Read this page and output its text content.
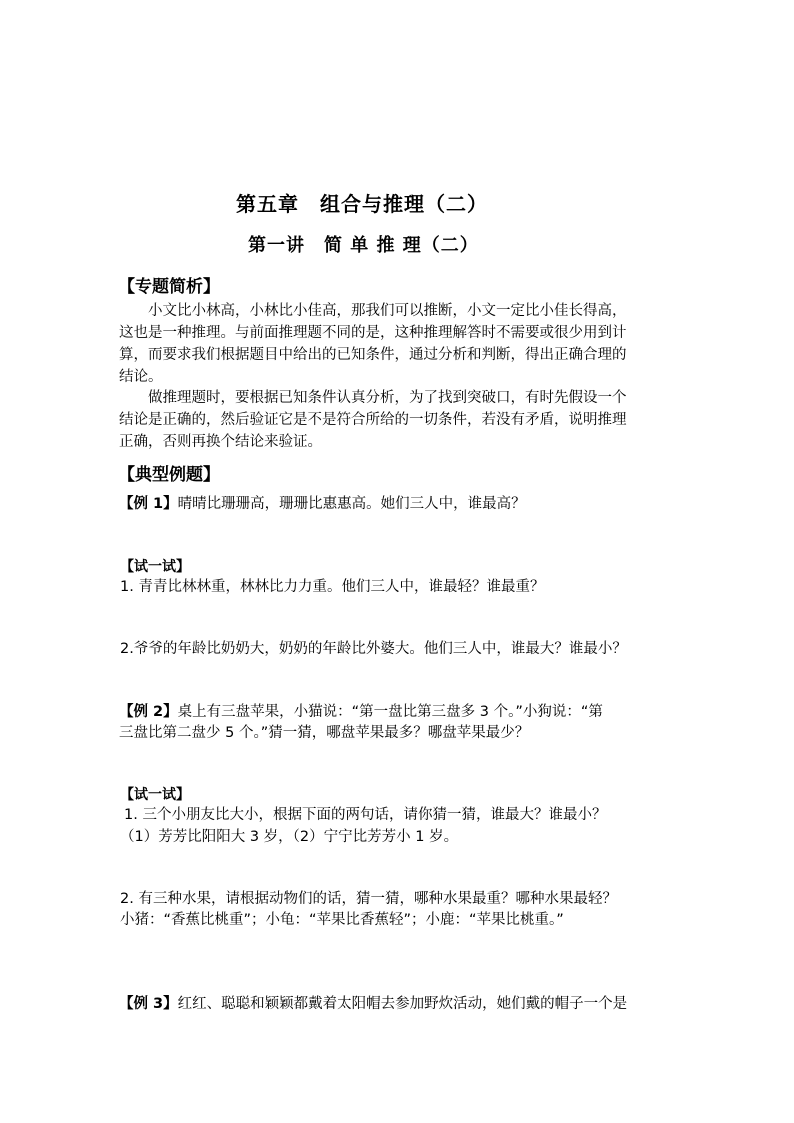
第五章　组合与推理（二）
第一讲　简 单 推 理（二）
【专题简析】
小文比小林高，小林比小佳高，那我们可以推断，小文一定比小佳长得高，
这也是一种推理。与前面推理题不同的是，这种推理解答时不需要或很少用到计
算，而要求我们根据题目中给出的已知条件，通过分析和判断，得出正确合理的
结论。
做推理题时，要根据已知条件认真分析，为了找到突破口，有时先假设一个
结论是正确的，然后验证它是不是符合所给的一切条件，若没有矛盾，说明推理
正确，否则再换个结论来验证。
【典型例题】
【例 1】晴晴比珊珊高，珊珊比惠惠高。她们三人中，谁最高？
【试一试】
1. 青青比林林重，林林比力力重。他们三人中，谁最轻？谁最重？
2.爷爷的年龄比奶奶大，奶奶的年龄比外婆大。他们三人中，谁最大？谁最小？
【例 2】桌上有三盘苹果，小猫说：“第一盘比第三盘多 3 个。”小狗说：“第
三盘比第二盘少 5 个。”猜一猜，哪盘苹果最多？哪盘苹果最少？
【试一试】
1. 三个小朋友比大小，根据下面的两句话，请你猜一猜，谁最大？谁最小？
（1）芳芳比阳阳大 3 岁，（2）宁宁比芳芳小 1 岁。
2. 有三种水果，请根据动物们的话，猜一猜，哪种水果最重？哪种水果最轻？
小猪：“香蕉比桃重”；小龟：“苹果比香蕉轻”；小鹿：“苹果比桃重。”
【例 3】红红、聪聪和颖颖都戴着太阳帽去参加野炊活动，她们戴的帽子一个是
